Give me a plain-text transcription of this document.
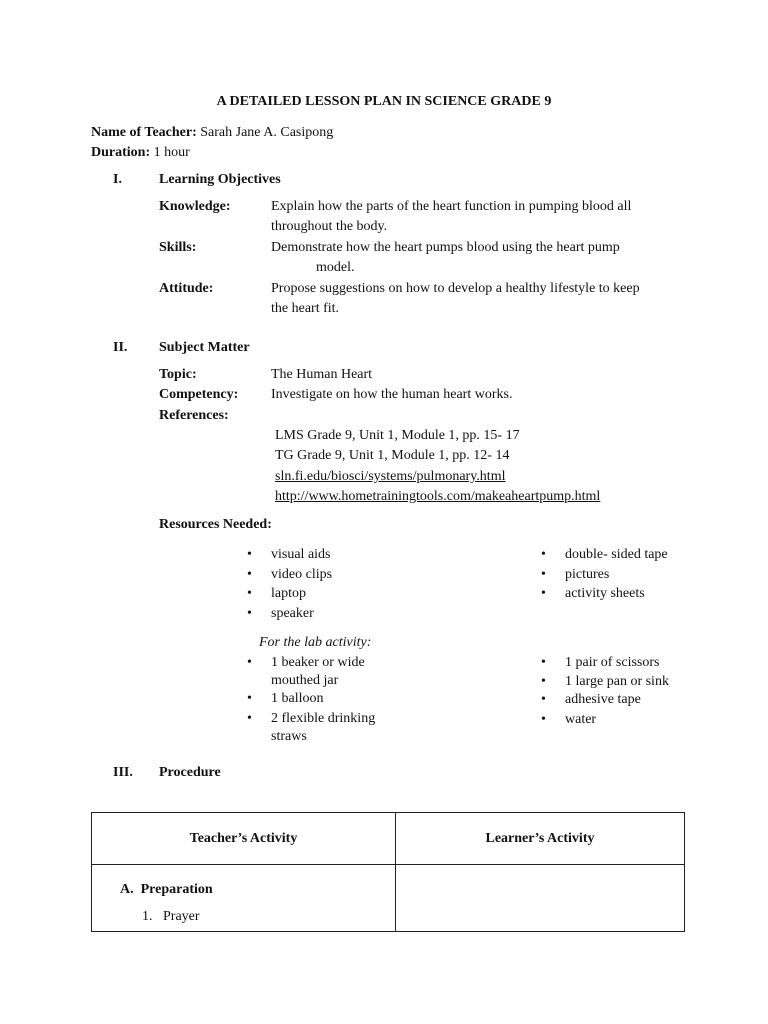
A DETAILED LESSON PLAN IN SCIENCE GRADE 9
Name of Teacher: Sarah Jane A. Casipong
Duration: 1 hour
I.	Learning Objectives
Knowledge:	Explain how the parts of the heart function in pumping blood all
throughout the body.
Skills:	Demonstrate how the heart pumps blood using the heart pump
model.
Attitude:	Propose suggestions on how to develop a healthy lifestyle to keep
the heart fit.
II. Subject Matter
Topic:	The Human Heart
Competency: Investigate on how the human heart works.
References:
LMS Grade 9, Unit 1, Module 1, pp. 15- 17
TG Grade 9, Unit 1, Module 1, pp. 12- 14
sln.fi.edu/biosci/systems/pulmonary.html
http://www.hometrainingtools.com/makeaheartpump.html
Resources Needed:
• visual aids
• video clips
• laptop
• speaker
• double- sided tape
• pictures
• activity sheets
For the lab activity:
• 1 beaker or wide
mouthed jar
• 1 balloon
• 2 flexible drinking
straws
• 1 pair of scissors
• 1 large pan or sink
• adhesive tape
• water
III. Procedure
Teacher’s Activity	Learner’s Activity

A.  Preparation
1.   Prayer	
